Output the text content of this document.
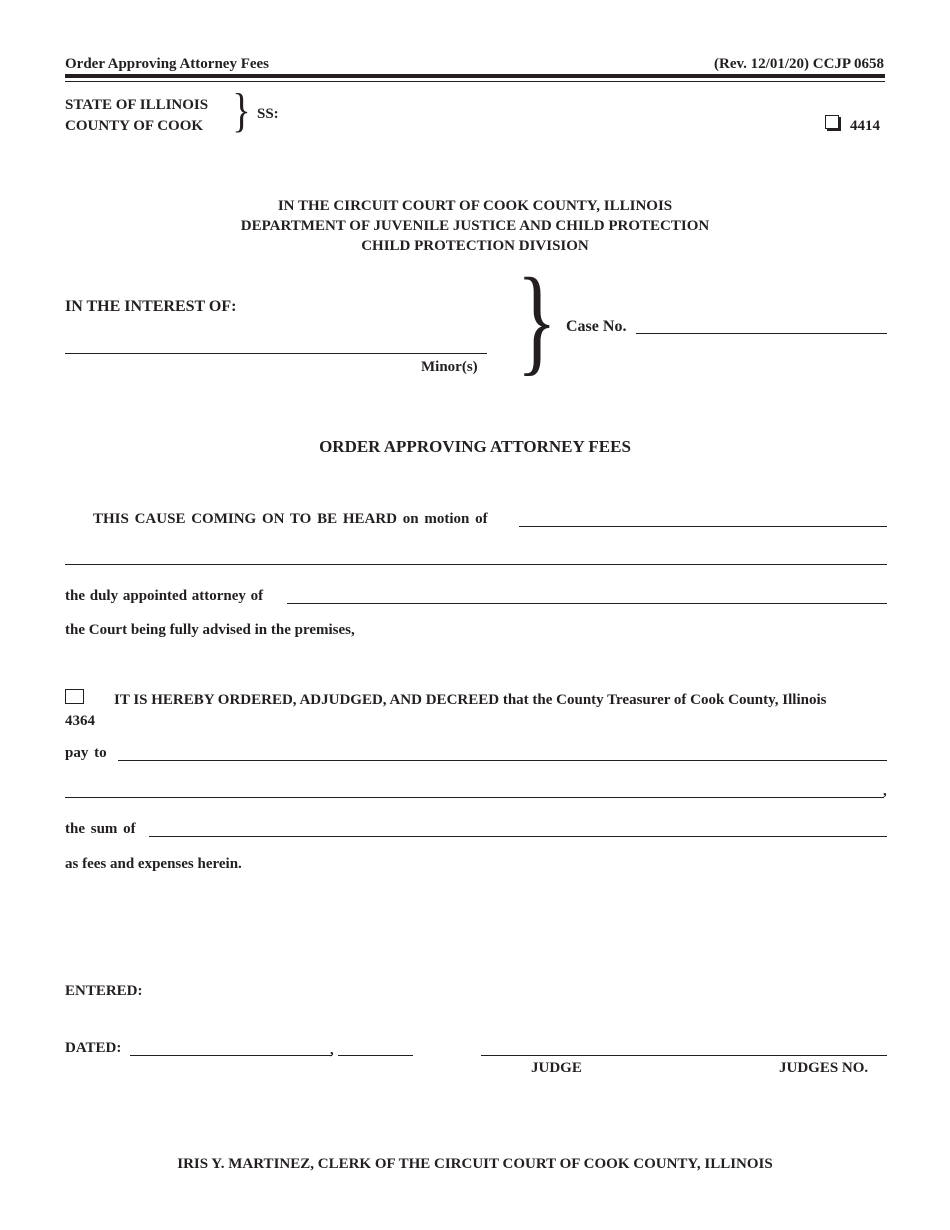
Order Approving Attorney Fees	(Rev. 12/01/20) CCJP 0658
STATE OF ILLINOIS
COUNTY OF COOK } SS:
4414
IN THE CIRCUIT COURT OF COOK COUNTY, ILLINOIS
DEPARTMENT OF JUVENILE JUSTICE AND CHILD PROTECTION
CHILD PROTECTION DIVISION
IN THE INTEREST OF:
Minor(s) } Case No.
ORDER APPROVING ATTORNEY FEES
THIS CAUSE COMING ON TO BE HEARD on motion of
the duly appointed attorney of
the Court being fully advised in the premises,
IT IS HEREBY ORDERED, ADJUDGED, AND DECREED that the County Treasurer of Cook County, Illinois
4364
pay to
,
the sum of
as fees and expenses herein.
ENTERED:
DATED:	,
JUDGE	JUDGES NO.
IRIS Y. MARTINEZ, CLERK OF THE CIRCUIT COURT OF COOK COUNTY, ILLINOIS
